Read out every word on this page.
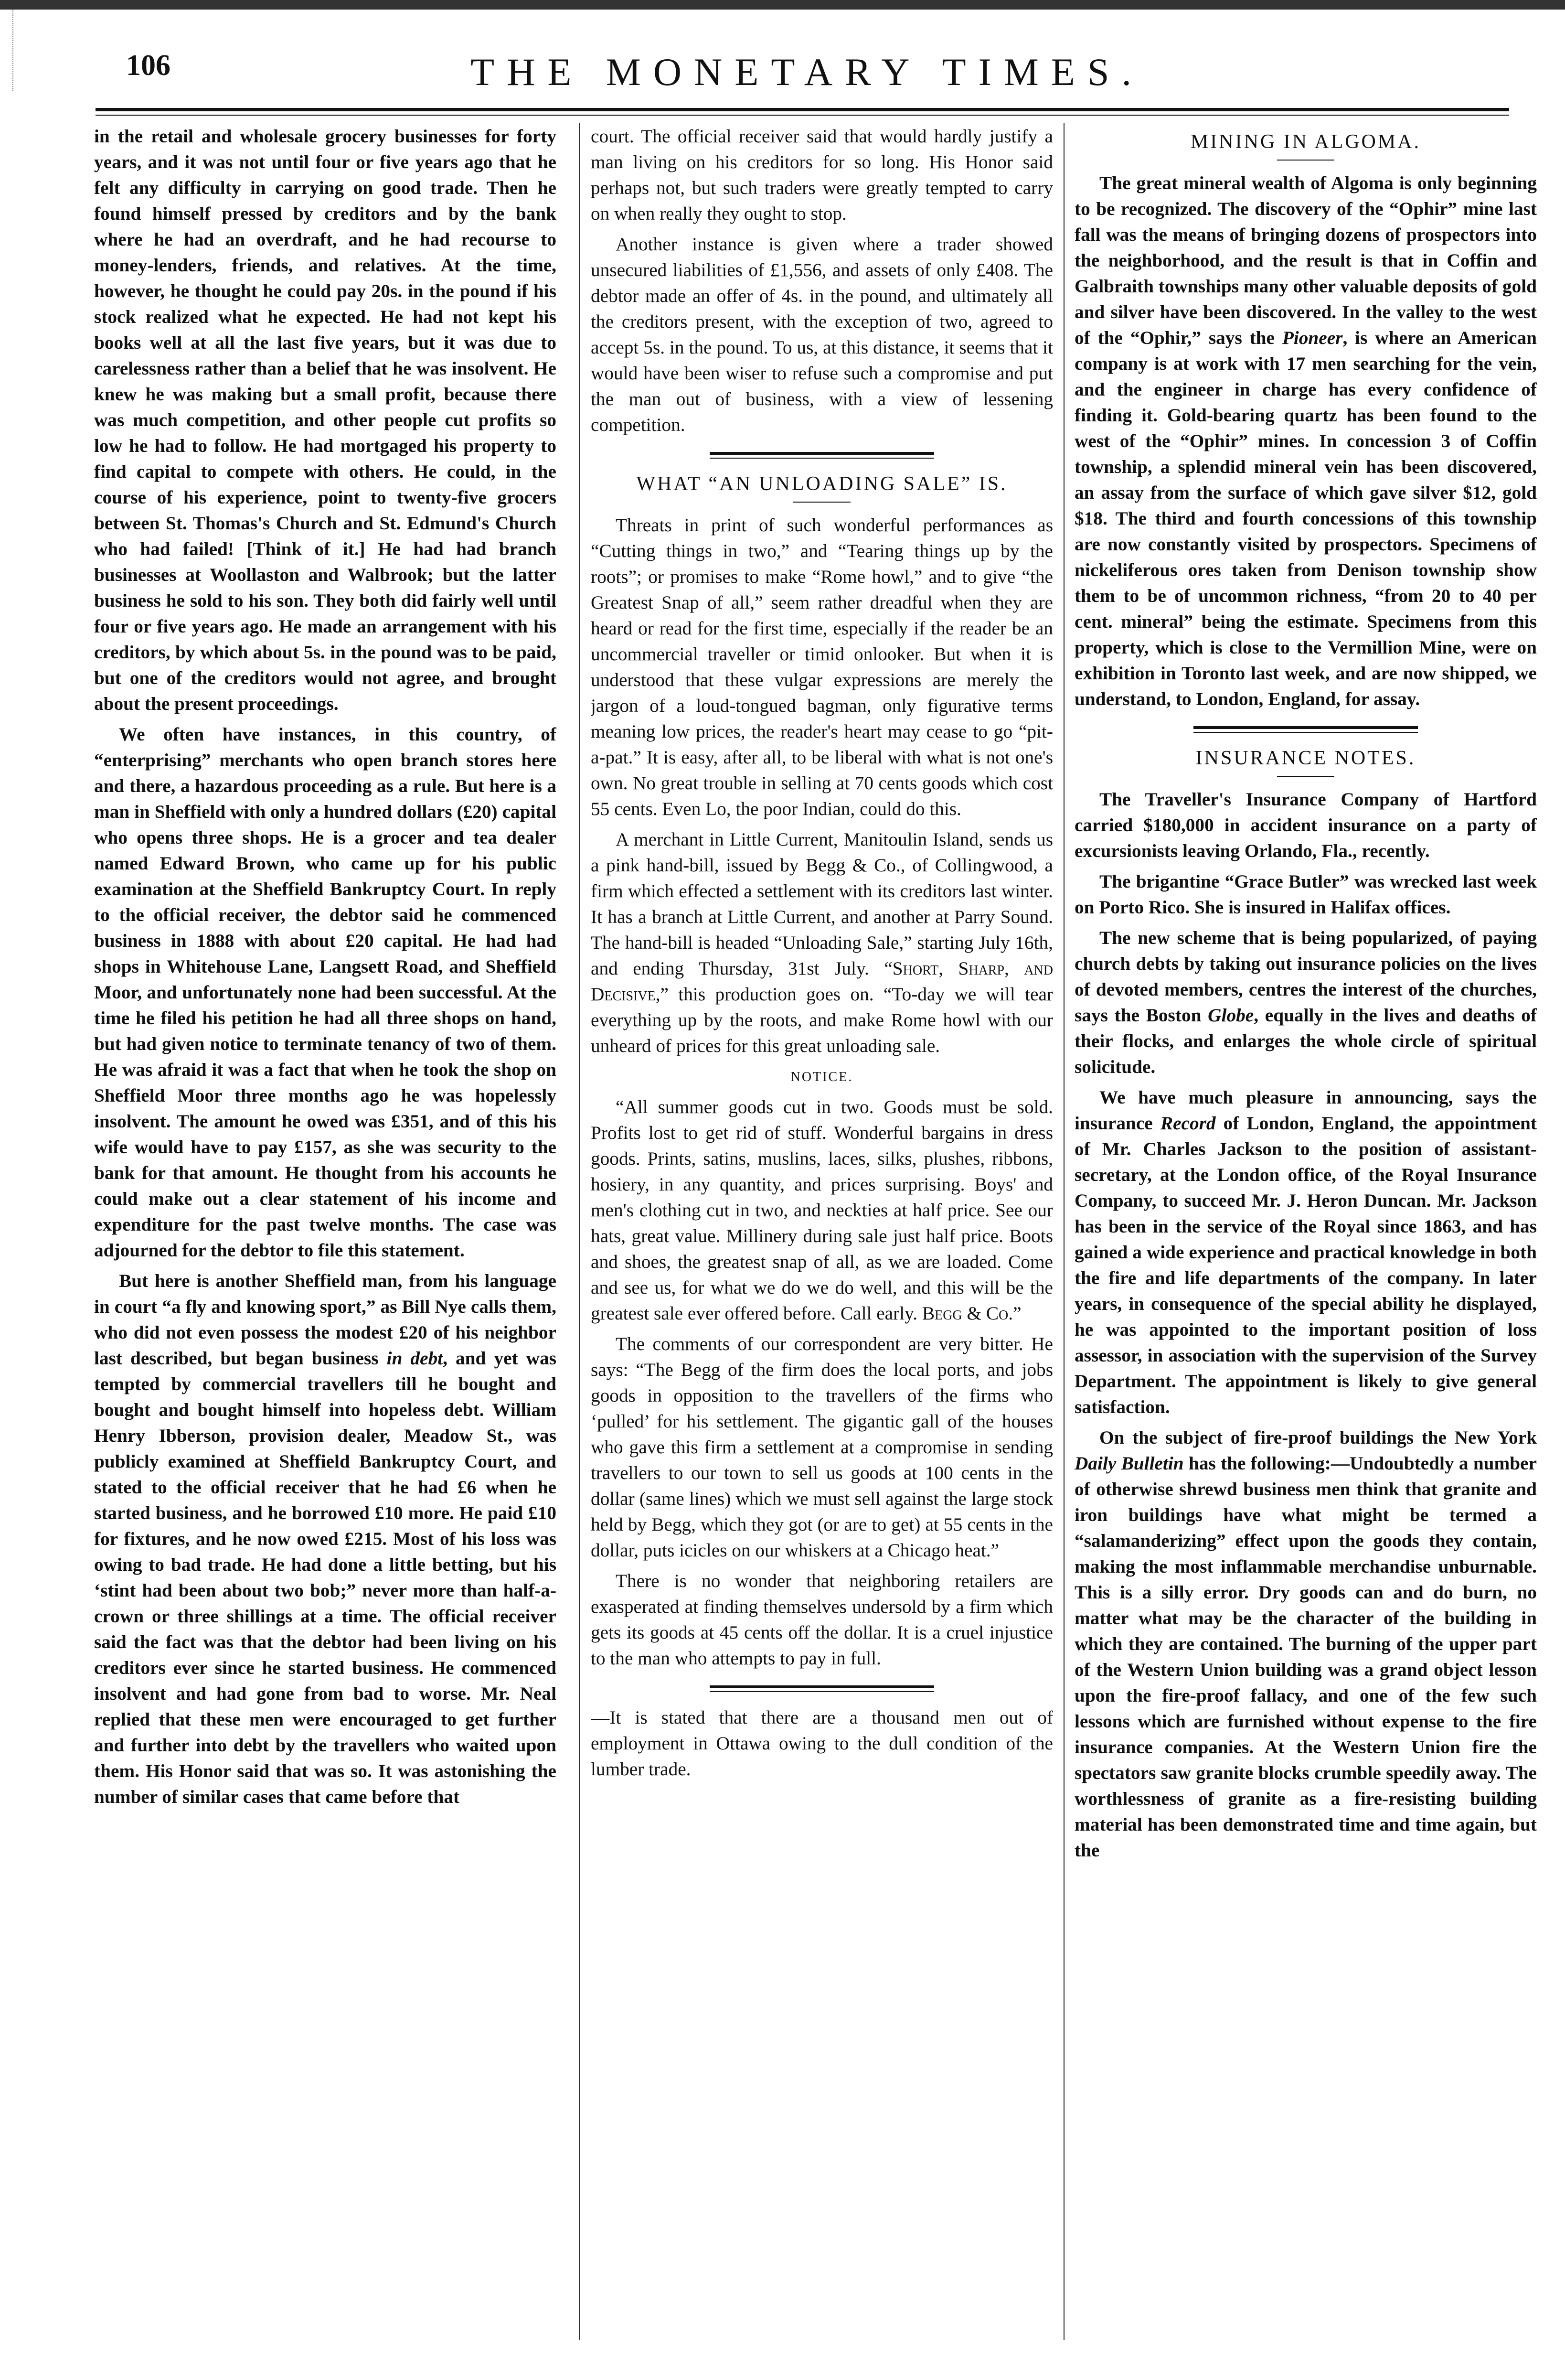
106	THE MONETARY TIMES.

in the retail and wholesale grocery businesses for forty years, and it was not until four or five years ago that he felt any difficulty in carrying on good trade. Then he found himself pressed by creditors and by the bank where he had an overdraft, and he had recourse to money-lenders, friends, and relatives. At the time, however, he thought he could pay 20s. in the pound if his stock realized what he expected. He had not kept his books well at all the last five years, but it was due to carelessness rather than a belief that he was insolvent. He knew he was making but a small profit, because there was much competition, and other people cut profits so low he had to follow. He had mortgaged his property to find capital to compete with others. He could, in the course of his experience, point to twenty-five grocers between St. Thomas's Church and St. Edmund's Church who had failed! [Think of it.] He had had branch businesses at Woollaston and Walbrook; but the latter business he sold to his son. They both did fairly well until four or five years ago. He made an arrangement with his creditors, by which about 5s. in the pound was to be paid, but one of the creditors would not agree, and brought about the present proceedings.

We often have instances, in this country, of “enterprising” merchants who open branch stores here and there, a hazardous proceeding as a rule. But here is a man in Sheffield with only a hundred dollars (£20) capital who opens three shops. He is a grocer and tea dealer named Edward Brown, who came up for his public examination at the Sheffield Bankruptcy Court. In reply to the official receiver, the debtor said he commenced business in 1888 with about £20 capital. He had had shops in Whitehouse Lane, Langsett Road, and Sheffield Moor, and unfortunately none had been successful. At the time he filed his petition he had all three shops on hand, but had given notice to terminate tenancy of two of them. He was afraid it was a fact that when he took the shop on Sheffield Moor three months ago he was hopelessly insolvent. The amount he owed was £351, and of this his wife would have to pay £157, as she was security to the bank for that amount. He thought from his accounts he could make out a clear statement of his income and expenditure for the past twelve months. The case was adjourned for the debtor to file this statement.

But here is another Sheffield man, from his language in court “a fly and knowing sport,” as Bill Nye calls them, who did not even possess the modest £20 of his neighbor last described, but began business in debt, and yet was tempted by commercial travellers till he bought and bought and bought himself into hopeless debt. William Henry Ibberson, provision dealer, Meadow St., was publicly examined at Sheffield Bankruptcy Court, and stated to the official receiver that he had £6 when he started business, and he borrowed £10 more. He paid £10 for fixtures, and he now owed £215. Most of his loss was owing to bad trade. He had done a little betting, but his ‘stint had been about two bob;” never more than half-a-crown or three shillings at a time. The official receiver said the fact was that the debtor had been living on his creditors ever since he started business. He commenced insolvent and had gone from bad to worse. Mr. Neal replied that these men were encouraged to get further and further into debt by the travellers who waited upon them. His Honor said that was so. It was astonishing the number of similar cases that came before that

court. The official receiver said that would hardly justify a man living on his creditors for so long. His Honor said perhaps not, but such traders were greatly tempted to carry on when really they ought to stop.

Another instance is given where a trader showed unsecured liabilities of £1,556, and assets of only £408. The debtor made an offer of 4s. in the pound, and ultimately all the creditors present, with the exception of two, agreed to accept 5s. in the pound. To us, at this distance, it seems that it would have been wiser to refuse such a compromise and put the man out of business, with a view of lessening competition.

WHAT “AN UNLOADING SALE” IS.

Threats in print of such wonderful performances as “Cutting things in two,” and “Tearing things up by the roots”; or promises to make “Rome howl,” and to give “the Greatest Snap of all,” seem rather dreadful when they are heard or read for the first time, especially if the reader be an uncommercial traveller or timid onlooker. But when it is understood that these vulgar expressions are merely the jargon of a loud-tongued bagman, only figurative terms meaning low prices, the reader's heart may cease to go “pit-a-pat.” It is easy, after all, to be liberal with what is not one's own. No great trouble in selling at 70 cents goods which cost 55 cents. Even Lo, the poor Indian, could do this.

A merchant in Little Current, Manitoulin Island, sends us a pink hand-bill, issued by Begg & Co., of Collingwood, a firm which effected a settlement with its creditors last winter. It has a branch at Little Current, and another at Parry Sound. The hand-bill is headed “Unloading Sale,” starting July 16th, and ending Thursday, 31st July. “Short, Sharp, and Decisive,” this production goes on. “To-day we will tear everything up by the roots, and make Rome howl with our unheard of prices for this great unloading sale.

NOTICE.

“All summer goods cut in two. Goods must be sold. Profits lost to get rid of stuff. Wonderful bargains in dress goods. Prints, satins, muslins, laces, silks, plushes, ribbons, hosiery, in any quantity, and prices surprising. Boys' and men's clothing cut in two, and neckties at half price. See our hats, great value. Millinery during sale just half price. Boots and shoes, the greatest snap of all, as we are loaded. Come and see us, for what we do we do well, and this will be the greatest sale ever offered before. Call early. Begg & Co.”

The comments of our correspondent are very bitter. He says: “The Begg of the firm does the local ports, and jobs goods in opposition to the travellers of the firms who ‘pulled’ for his settlement. The gigantic gall of the houses who gave this firm a settlement at a compromise in sending travellers to our town to sell us goods at 100 cents in the dollar (same lines) which we must sell against the large stock held by Begg, which they got (or are to get) at 55 cents in the dollar, puts icicles on our whiskers at a Chicago heat.”

There is no wonder that neighboring retailers are exasperated at finding themselves undersold by a firm which gets its goods at 45 cents off the dollar. It is a cruel injustice to the man who attempts to pay in full.

—It is stated that there are a thousand men out of employment in Ottawa owing to the dull condition of the lumber trade.

MINING IN ALGOMA.

The great mineral wealth of Algoma is only beginning to be recognized. The discovery of the “Ophir” mine last fall was the means of bringing dozens of prospectors into the neighborhood, and the result is that in Coffin and Galbraith townships many other valuable deposits of gold and silver have been discovered. In the valley to the west of the “Ophir,” says the Pioneer, is where an American company is at work with 17 men searching for the vein, and the engineer in charge has every confidence of finding it. Gold-bearing quartz has been found to the west of the “Ophir” mines. In concession 3 of Coffin township, a splendid mineral vein has been discovered, an assay from the surface of which gave silver $12, gold $18. The third and fourth concessions of this township are now constantly visited by prospectors. Specimens of nickeliferous ores taken from Denison township show them to be of uncommon richness, “from 20 to 40 per cent. mineral” being the estimate. Specimens from this property, which is close to the Vermillion Mine, were on exhibition in Toronto last week, and are now shipped, we understand, to London, England, for assay.

INSURANCE NOTES.

The Traveller's Insurance Company of Hartford carried $180,000 in accident insurance on a party of excursionists leaving Orlando, Fla., recently.

The brigantine “Grace Butler” was wrecked last week on Porto Rico. She is insured in Halifax offices.

The new scheme that is being popularized, of paying church debts by taking out insurance policies on the lives of devoted members, centres the interest of the churches, says the Boston Globe, equally in the lives and deaths of their flocks, and enlarges the whole circle of spiritual solicitude.

We have much pleasure in announcing, says the insurance Record of London, England, the appointment of Mr. Charles Jackson to the position of assistant-secretary, at the London office, of the Royal Insurance Company, to succeed Mr. J. Heron Duncan. Mr. Jackson has been in the service of the Royal since 1863, and has gained a wide experience and practical knowledge in both the fire and life departments of the company. In later years, in consequence of the special ability he displayed, he was appointed to the important position of loss assessor, in association with the supervision of the Survey Department. The appointment is likely to give general satisfaction.

On the subject of fire-proof buildings the New York Daily Bulletin has the following:—Undoubtedly a number of otherwise shrewd business men think that granite and iron buildings have what might be termed a “salamanderizing” effect upon the goods they contain, making the most inflammable merchandise unburnable. This is a silly error. Dry goods can and do burn, no matter what may be the character of the building in which they are contained. The burning of the upper part of the Western Union building was a grand object lesson upon the fire-proof fallacy, and one of the few such lessons which are furnished without expense to the fire insurance companies. At the Western Union fire the spectators saw granite blocks crumble speedily away. The worthlessness of granite as a fire-resisting building material has been demonstrated time and time again, but the
